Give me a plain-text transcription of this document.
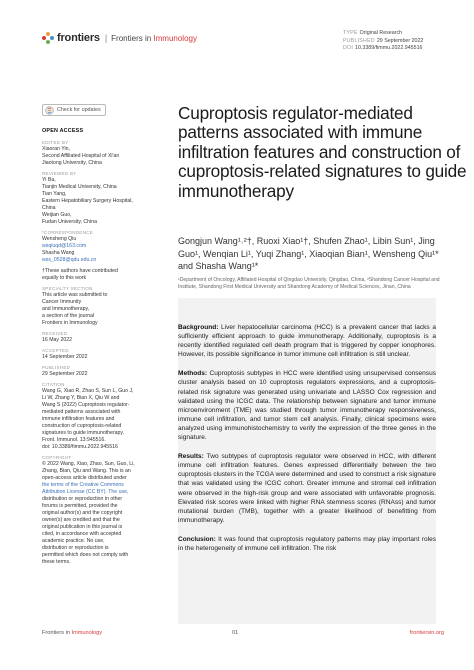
frontiers | Frontiers in Immunology
TYPE Original Research
PUBLISHED 29 September 2022
DOI 10.3389/fimmu.2022.945516
Check for updates
OPEN ACCESS
EDITED BY

Xiaoran Yin,

Second Affiliated Hospital of Xi'an

Jiaotong University, China

REVIEWED BY

Yi Ba,

Tianjin Medical University, China

Tian Yang,

Eastern Hepatobiliary Surgery Hospital,

China

Weijian Guo,

Fudan University, China

*CORRESPONDENCE

Wensheng Qiu

wsqiuqd@163.com

Shasha Wang

wss_0528@qdu.edu.cn

†These authors have contributed

equally to this work

SPECIALTY SECTION

This article was submitted to

Cancer Immunity

and Immunotherapy,

a section of the journal

Frontiers in Immunology

RECEIVED

16 May 2022

ACCEPTED

14 September 2022

PUBLISHED

29 September 2022

CITATION

Wang G, Xiao R, Zhao S, Sun L, Guo J,

Li W, Zhang Y, Bian X, Qiu W and

Wang S (2022) Cuproptosis regulator-

mediated patterns associated with

immune infiltration features and

construction of cuproptosis-related

signatures to guide immunotherapy.

Front. Immunol. 13:945516.

doi: 10.3389/fimmu.2022.945516

COPYRIGHT

© 2022 Wang, Xiao, Zhao, Sun, Guo, Li,

Zhang, Bian, Qiu and Wang. This is an

open-access article distributed under

the terms of the Creative Commons

Attribution License (CC BY). The use,

distribution or reproduction in other

forums is permitted, provided the

original author(s) and the copyright

owner(s) are credited and that the

original publication in this journal is

cited, in accordance with accepted

academic practice. No use,

distribution or reproduction is

permitted which does not comply with

these terms.

Cuproptosis regulator-mediated patterns associated with immune infiltration features and construction of cuproptosis-related signatures to guide immunotherapy
Gongjun Wang¹˒²†, Ruoxi Xiao¹†, Shufen Zhao¹, Libin Sun¹, Jing Guo¹, Wenqian Li¹, Yuqi Zhang¹, Xiaoqian Bian¹, Wensheng Qiu¹* and Shasha Wang¹*
¹Department of Oncology, Affiliated Hospital of Qingdao University, Qingdao, China, ²Shandong Cancer Hospital and Institute, Shandong First Medical University and Shandong Academy of Medical Sciences, Jinan, China

Background: Liver hepatocellular carcinoma (HCC) is a prevalent cancer that lacks a sufficiently efficient approach to guide immunotherapy. Additionally, cuproptosis is a recently identified regulated cell death program that is triggered by copper ionophores. However, its possible significance in tumor immune cell infiltration is still unclear.

Methods: Cuproptosis subtypes in HCC were identified using unsupervised consensus cluster analysis based on 10 cuproptosis regulators expressions, and a cuproptosis-related risk signature was generated using univariate and LASSO Cox regression and validated using the ICGC data. The relationship between signature and tumor immune microenvironment (TME) was studied through tumor immunotherapy responsiveness, immune cell infiltration, and tumor stem cell analysis. Finally, clinical specimens were analyzed using immunohistochemistry to verify the expression of the three genes in the signature.

Results: Two subtypes of cuproptosis regulator were observed in HCC, with different immune cell infiltration features. Genes expressed differentially between the two cuproptosis clusters in the TCGA were determined and used to construct a risk signature that was validated using the ICGC cohort. Greater immune and stromal cell infiltration were observed in the high-risk group and were associated with unfavorable prognosis. Elevated risk scores were linked with higher RNA stemness scores (RNAss) and tumor mutational burden (TMB), together with a greater likelihood of benefitting from immunotherapy.

Conclusion: It was found that cuproptosis regulatory patterns may play important roles in the heterogeneity of immune cell infiltration. The risk

Frontiers in Immunology	01	frontiersin.org
